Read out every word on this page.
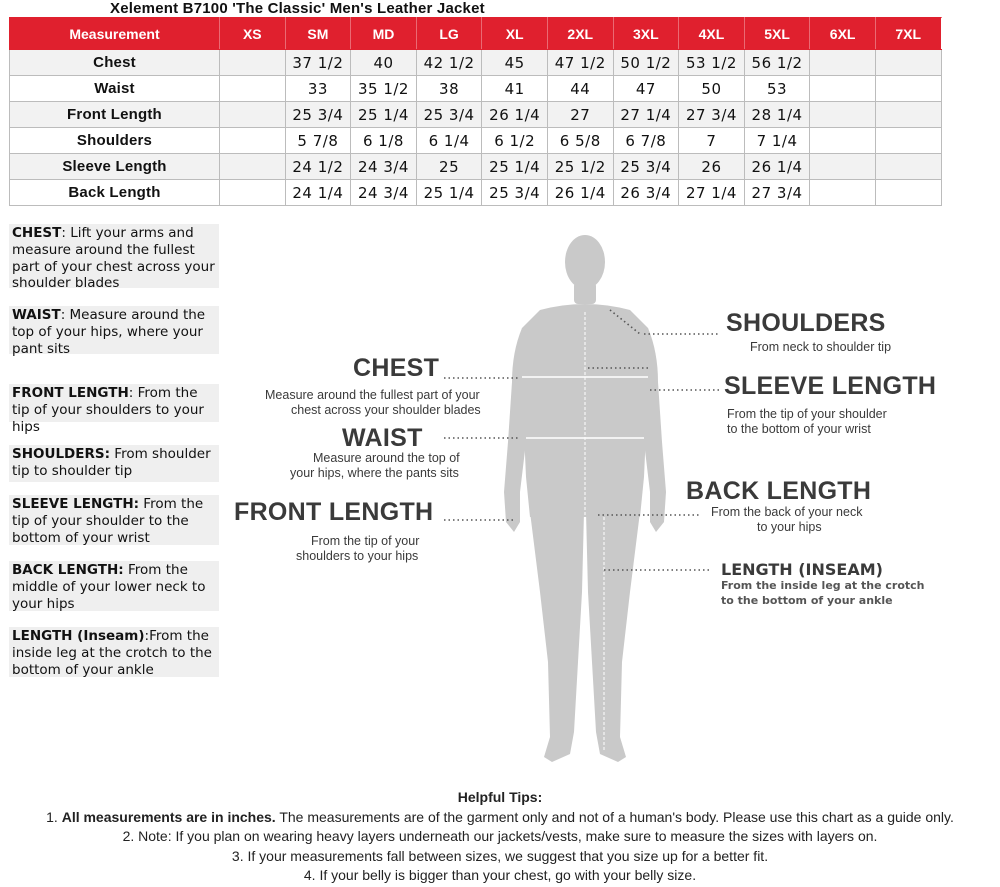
Xelement B7100 'The Classic' Men's Leather Jacket
Measurement	XS	SM	MD	LG	XL	2XL	3XL	4XL	5XL	6XL	7XL
Chest		37 1/2	40	42 1/2	45	47 1/2	50 1/2	53 1/2	56 1/2		
Waist		33	35 1/2	38	41	44	47	50	53		
Front Length		25 3/4	25 1/4	25 3/4	26 1/4	27	27 1/4	27 3/4	28 1/4		
Shoulders		5 7/8	6 1/8	6 1/4	6 1/2	6 5/8	6 7/8	7	7 1/4		
Sleeve Length		24 1/2	24 3/4	25	25 1/4	25 1/2	25 3/4	26	26 1/4		
Back Length		24 1/4	24 3/4	25 1/4	25 3/4	26 1/4	26 3/4	27 1/4	27 3/4		
CHEST: Lift your arms and measure around the fullest part of your chest across your shoulder blades
WAIST: Measure around the top of your hips, where your pant sits
FRONT LENGTH: From the tip of your shoulders to your hips
SHOULDERS: From shoulder tip to shoulder tip
SLEEVE LENGTH: From the tip of your shoulder to the bottom of your wrist
BACK LENGTH: From the middle of your lower neck to your hips
LENGTH (Inseam):From the inside leg at the crotch to the bottom of your ankle
SHOULDERS
From neck to shoulder tip
CHEST
Measure around the fullest part of your
chest across your shoulder blades
SLEEVE LENGTH
From the tip of your shoulder
to the bottom of your wrist
WAIST
Measure around the top of
your hips, where the pants sits
BACK LENGTH
From the back of your neck
to your hips
FRONT LENGTH
From the tip of your
shoulders to your hips
LENGTH (INSEAM)
From the inside leg at the crotch
to the bottom of your ankle
Helpful Tips:
1. All measurements are in inches. The measurements are of the garment only and not of a human's body. Please use this chart as a guide only.
2. Note: If you plan on wearing heavy layers underneath our jackets/vests, make sure to measure the sizes with layers on.
3. If your measurements fall between sizes, we suggest that you size up for a better fit.
4. If your belly is bigger than your chest, go with your belly size.
